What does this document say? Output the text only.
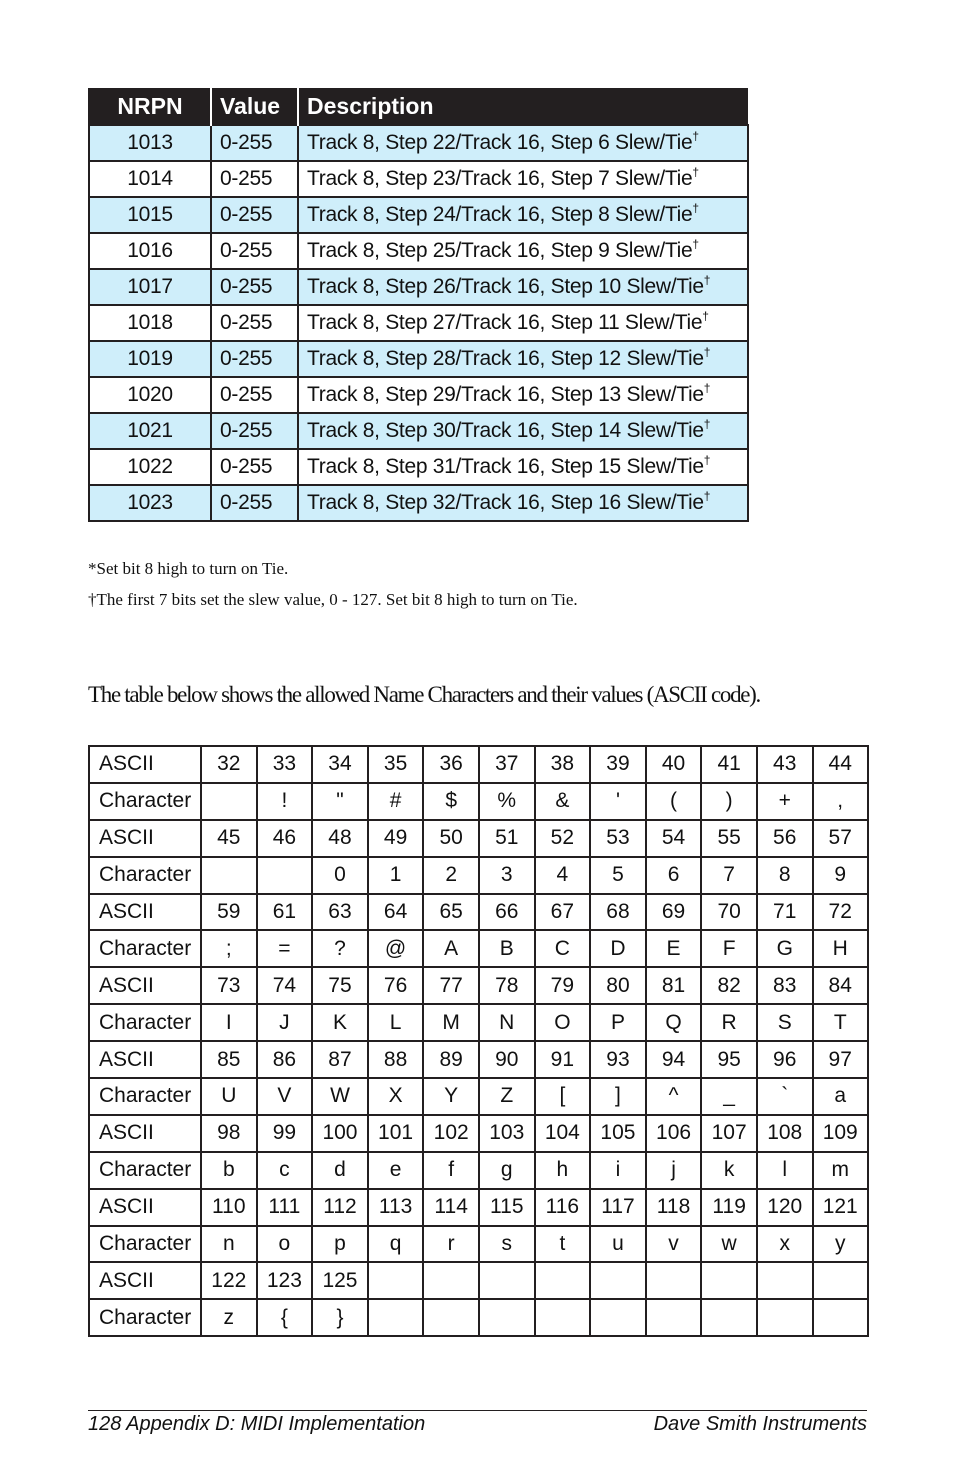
NRPN	Value	Description
1013	0-255	Track 8, Step 22/Track 16, Step 6 Slew/Tie†
1014	0-255	Track 8, Step 23/Track 16, Step 7 Slew/Tie†
1015	0-255	Track 8, Step 24/Track 16, Step 8 Slew/Tie†
1016	0-255	Track 8, Step 25/Track 16, Step 9 Slew/Tie†
1017	0-255	Track 8, Step 26/Track 16, Step 10 Slew/Tie†
1018	0-255	Track 8, Step 27/Track 16, Step 11 Slew/Tie†
1019	0-255	Track 8, Step 28/Track 16, Step 12 Slew/Tie†
1020	0-255	Track 8, Step 29/Track 16, Step 13 Slew/Tie†
1021	0-255	Track 8, Step 30/Track 16, Step 14 Slew/Tie†
1022	0-255	Track 8, Step 31/Track 16, Step 15 Slew/Tie†
1023	0-255	Track 8, Step 32/Track 16, Step 16 Slew/Tie†
*Set bit 8 high to turn on Tie.
†The first 7 bits set the slew value, 0 - 127. Set bit 8 high to turn on Tie.
The table below shows the allowed Name Characters and their values (ASCII code).
ASCII	32	33	34	35	36	37	38	39	40	41	43	44
Character		!	"	#	$	%	&	'	(	)	+	,
ASCII	45	46	48	49	50	51	52	53	54	55	56	57
Character			0	1	2	3	4	5	6	7	8	9
ASCII	59	61	63	64	65	66	67	68	69	70	71	72
Character	;	=	?	@	A	B	C	D	E	F	G	H
ASCII	73	74	75	76	77	78	79	80	81	82	83	84
Character	I	J	K	L	M	N	O	P	Q	R	S	T
ASCII	85	86	87	88	89	90	91	93	94	95	96	97
Character	U	V	W	X	Y	Z	[	]	^	_	`	a
ASCII	98	99	100	101	102	103	104	105	106	107	108	109
Character	b	c	d	e	f	g	h	i	j	k	l	m
ASCII	110	111	112	113	114	115	116	117	118	119	120	121
Character	n	o	p	q	r	s	t	u	v	w	x	y
ASCII	122	123	125									
Character	z	{	}									
128 Appendix D: MIDI Implementation	Dave Smith Instruments
